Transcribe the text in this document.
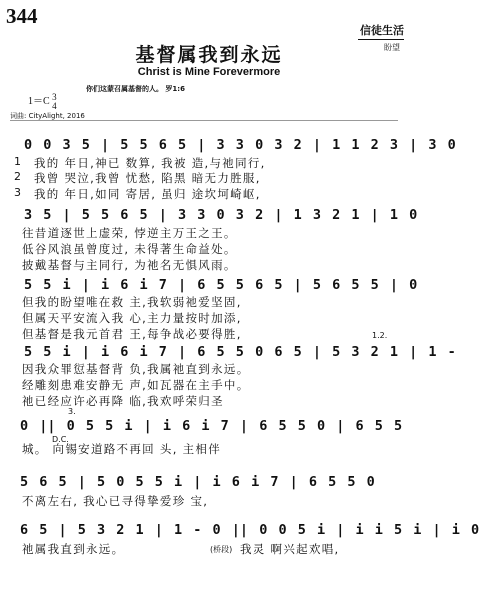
344
基督属我到永远
Christ is Mine Forevermore
信徒生活
盼望
你们这蒙召属基督的人。 罗1:6
1＝C 3
4
词曲: CityAlight, 2016
0 0 3 5 | 5 5 6 5 | 3 3 0 3 2 | 1 1 2 3 | 3 0
1
2
3
我的 年日,神已 数算, 我被 造,与祂同行,
我曾 哭泣,我曾 忧愁, 陷黑 暗无力胜服,
我的 年日,如同 寄居, 虽归 途坎坷崎岖,
3 5 | 5 5 6 5 | 3 3 0 3 2 | 1 3 2 1 | 1 0
往昔道逐世上虚荣, 悖逆主万王之王。
低谷风浪虽曾度过, 未得著生命益处。
披戴基督与主同行, 为祂名无惧风雨。
5 5 i | i 6 i 7 | 6 5 5 6 5 | 5 6 5 5 | 0
但我的盼望唯在救 主,我软弱祂爱坚固,
但属天平安流入我 心,主力量按时加添,
但基督是我元首君 王,每争战必要得胜,	1.2.
5 5 i | i 6 i 7 | 6 5 5 0 6 5 | 5 3 2 1 | 1 -
因我众罪愆基督背 负,我属祂直到永远。
经雕刻患难安静无 声,如瓦器在主手中。
祂已经应许必再降 临,我欢呼荣归圣
3.
0 || 0 5 5 i | i 6 i 7 | 6 5 5 0 | 6 5 5
D.C.
城。 向锡安道路不再回 头, 主相伴
5 6 5 | 5 0 5 5 i | i 6 i 7 | 6 5 5 0
不离左右, 我心已寻得挚爱珍 宝,
6 5 | 5 3 2 1 | 1 - 0 || 0 0 5 i | i i 5 i | i 0
祂属我直到永远。	(桥段) 我灵 啊兴起欢唱,
